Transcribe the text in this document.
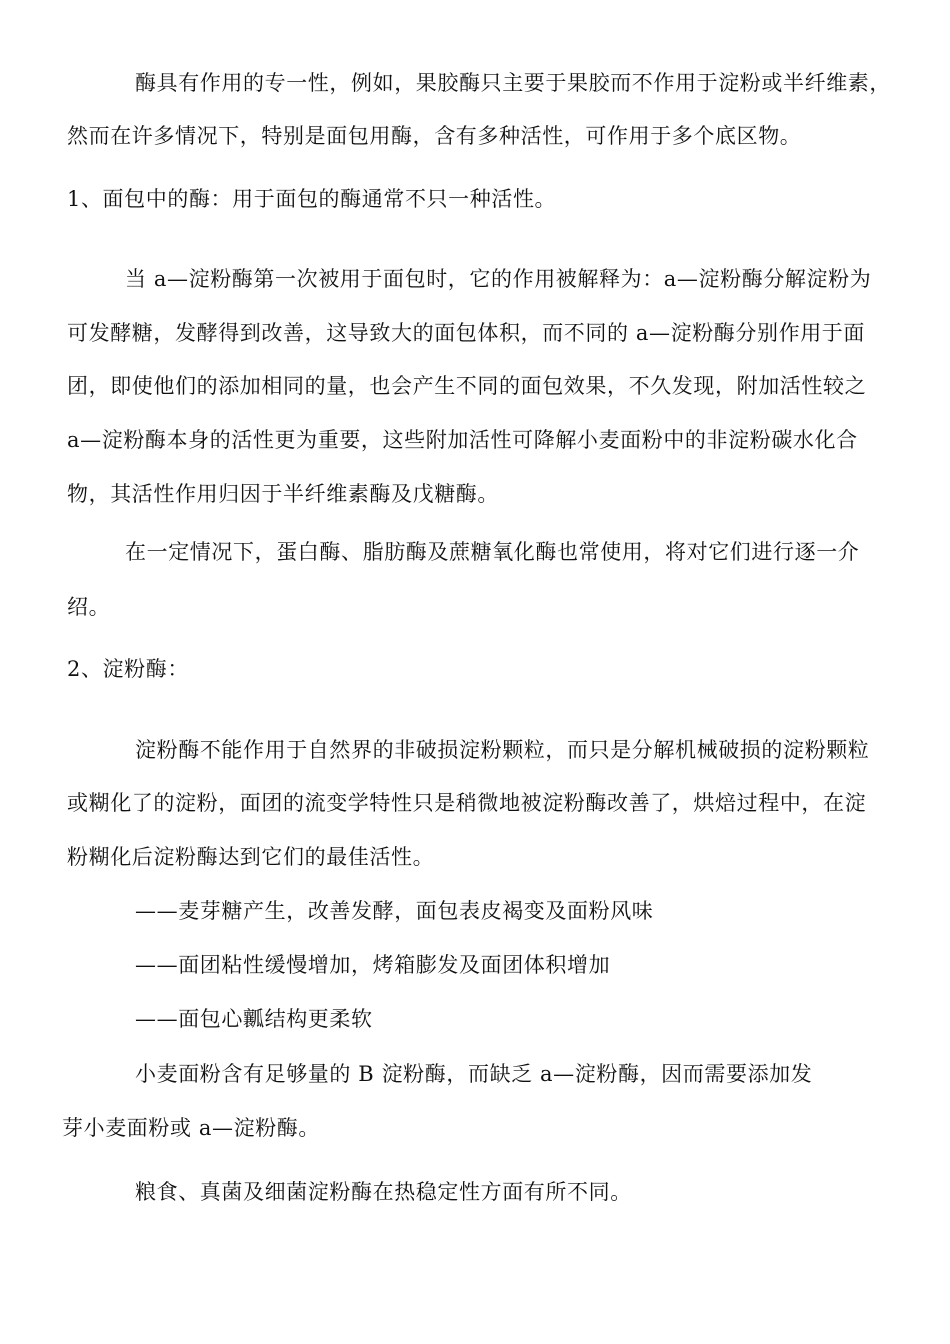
酶具有作用的专一性，例如，果胶酶只主要于果胶而不作用于淀粉或半纤维素，
然而在许多情况下，特别是面包用酶，含有多种活性，可作用于多个底区物。
1、面包中的酶：用于面包的酶通常不只一种活性。
当 a—淀粉酶第一次被用于面包时，它的作用被解释为：a—淀粉酶分解淀粉为
可发酵糖，发酵得到改善，这导致大的面包体积，而不同的 a—淀粉酶分别作用于面
团，即使他们的添加相同的量，也会产生不同的面包效果，不久发现，附加活性较之
a—淀粉酶本身的活性更为重要，这些附加活性可降解小麦面粉中的非淀粉碳水化合
物，其活性作用归因于半纤维素酶及戊糖酶。
在一定情况下，蛋白酶、脂肪酶及蔗糖氧化酶也常使用，将对它们进行逐一介
绍。
2、淀粉酶：
淀粉酶不能作用于自然界的非破损淀粉颗粒，而只是分解机械破损的淀粉颗粒
或糊化了的淀粉，面团的流变学特性只是稍微地被淀粉酶改善了，烘焙过程中，在淀
粉糊化后淀粉酶达到它们的最佳活性。
——麦芽糖产生，改善发酵，面包表皮褐变及面粉风味
——面团粘性缓慢增加，烤箱膨发及面团体积增加
——面包心瓤结构更柔软
小麦面粉含有足够量的 B 淀粉酶，而缺乏 a—淀粉酶，因而需要添加发
芽小麦面粉或 a—淀粉酶。
粮食、真菌及细菌淀粉酶在热稳定性方面有所不同。
